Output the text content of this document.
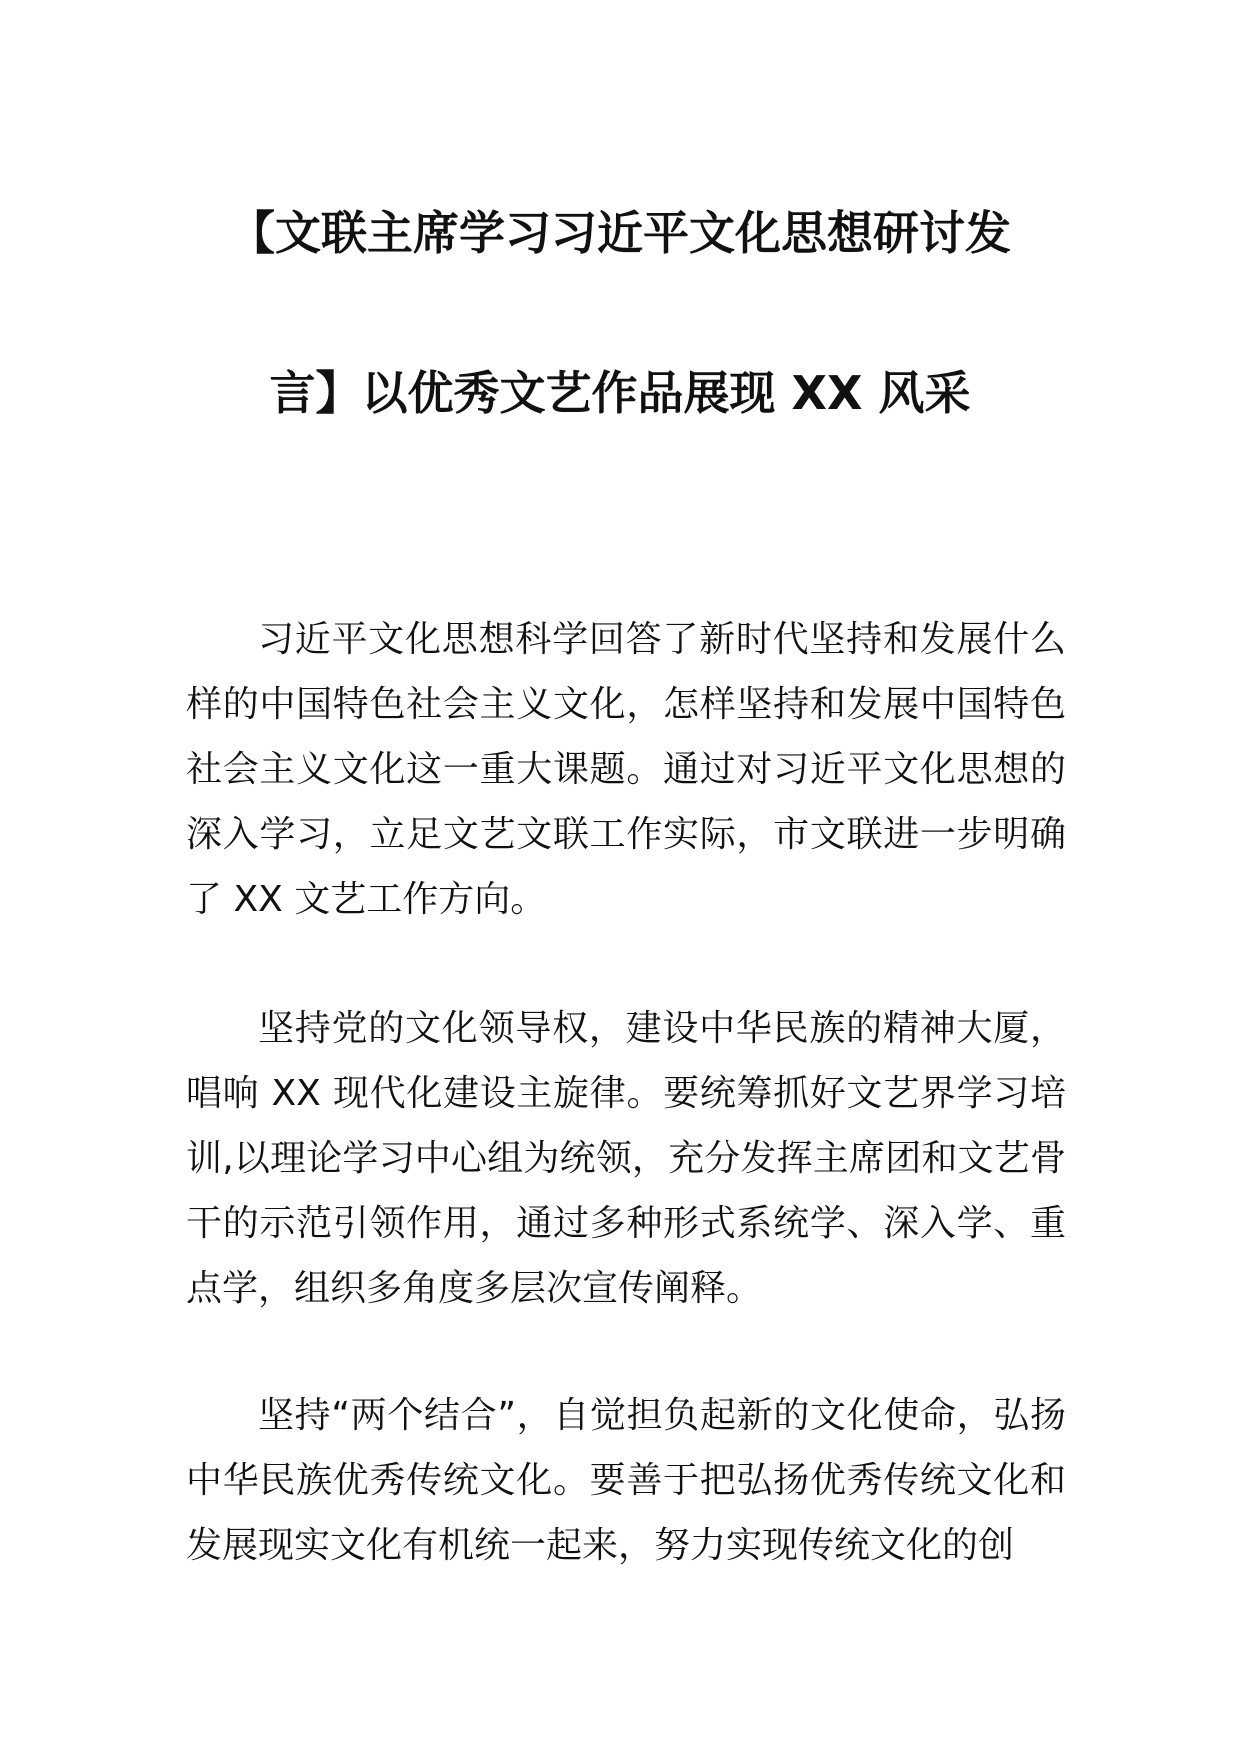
【文联主席学习习近平文化思想研讨发
言】以优秀文艺作品展现 XX 风采

习近平文化思想科学回答了新时代坚持和发展什么样的中国特色社会主义文化，怎样坚持和发展中国特色社会主义文化这一重大课题。通过对习近平文化思想的深入学习，立足文艺文联工作实际，市文联进一步明确了 XX 文艺工作方向。

坚持党的文化领导权，建设中华民族的精神大厦，唱响 XX 现代化建设主旋律。要统筹抓好文艺界学习培训,以理论学习中心组为统领，充分发挥主席团和文艺骨干的示范引领作用，通过多种形式系统学、深入学、重点学，组织多角度多层次宣传阐释。

坚持“两个结合”，自觉担负起新的文化使命，弘扬中华民族优秀传统文化。要善于把弘扬优秀传统文化和发展现实文化有机统一起来，努力实现传统文化的创
